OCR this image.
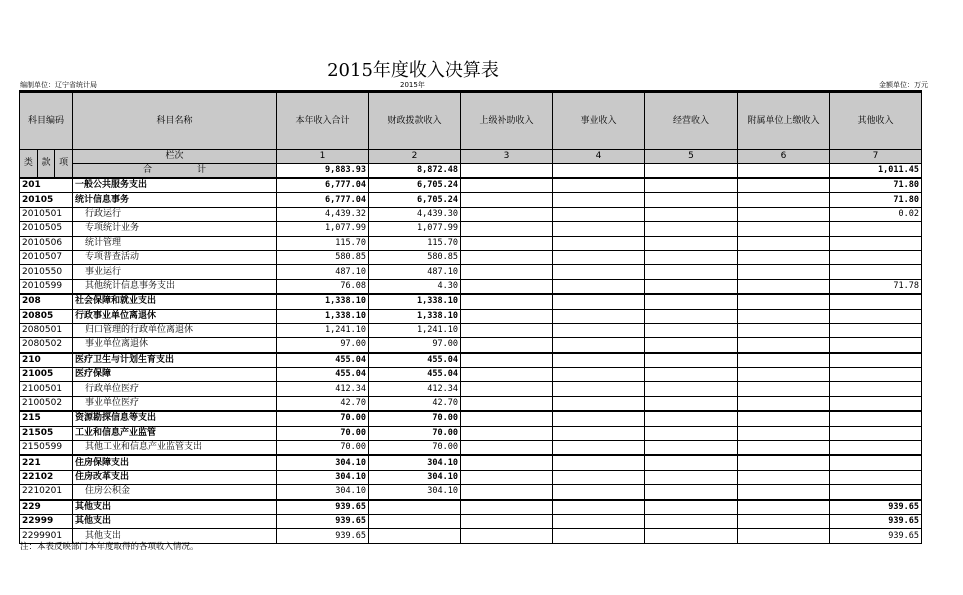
2015年度收入决算表
编制单位：辽宁省统计局	2015年	金额单位：万元
科目编码	科目名称	本年收入合计	财政拨款收入	上级补助收入	事业收入	经营收入	附属单位上缴收入	其他收入

类 款 项	栏次	1	2	3	4	5	6	7
	合　　　　　计	9,883.93	8,872.48					1,011.45
201	一般公共服务支出	6,777.04	6,705.24					71.80
20105	统计信息事务	6,777.04	6,705.24					71.80
2010501	行政运行	4,439.32	4,439.30					0.02
2010505	专项统计业务	1,077.99	1,077.99					
2010506	统计管理	115.70	115.70					
2010507	专项普查活动	580.85	580.85					
2010550	事业运行	487.10	487.10					
2010599	其他统计信息事务支出	76.08	4.30					71.78
208	社会保障和就业支出	1,338.10	1,338.10					
20805	行政事业单位离退休	1,338.10	1,338.10					
2080501	归口管理的行政单位离退休	1,241.10	1,241.10					
2080502	事业单位离退休	97.00	97.00					
210	医疗卫生与计划生育支出	455.04	455.04					
21005	医疗保障	455.04	455.04					
2100501	行政单位医疗	412.34	412.34					
2100502	事业单位医疗	42.70	42.70					
215	资源勘探信息等支出	70.00	70.00					
21505	工业和信息产业监管	70.00	70.00					
2150599	其他工业和信息产业监管支出	70.00	70.00					
221	住房保障支出	304.10	304.10					
22102	住房改革支出	304.10	304.10					
2210201	住房公积金	304.10	304.10					
229	其他支出	939.65						939.65
22999	其他支出	939.65						939.65
2299901	其他支出	939.65						939.65
注：本表反映部门本年度取得的各项收入情况。
